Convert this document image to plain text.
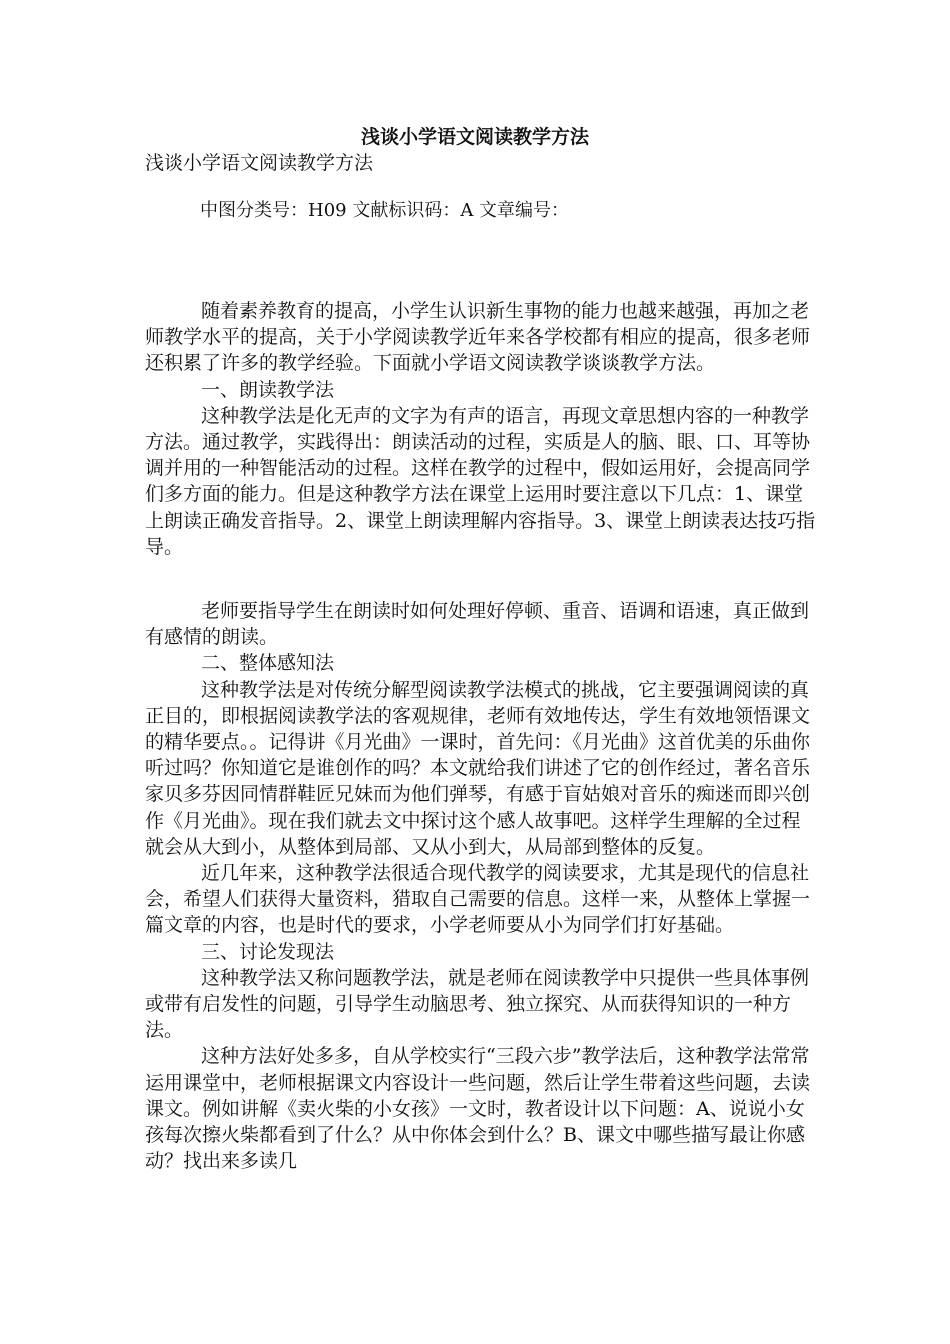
浅谈小学语文阅读教学方法
浅谈小学语文阅读教学方法
中图分类号：H09 文献标识码：A 文章编号：

随着素养教育的提高，小学生认识新生事物的能力也越来越强，再加之老师教学水平的提高，关于小学阅读教学近年来各学校都有相应的提高，很多老师还积累了许多的教学经验。下面就小学语文阅读教学谈谈教学方法。

一、朗读教学法

这种教学法是化无声的文字为有声的语言，再现文章思想内容的一种教学方法。通过教学，实践得出：朗读活动的过程，实质是人的脑、眼、口、耳等协调并用的一种智能活动的过程。这样在教学的过程中，假如运用好，会提高同学们多方面的能力。但是这种教学方法在课堂上运用时要注意以下几点：1、课堂上朗读正确发音指导。2、课堂上朗读理解内容指导。3、课堂上朗读表达技巧指导。

老师要指导学生在朗读时如何处理好停顿、重音、语调和语速，真正做到有感情的朗读。

二、整体感知法

这种教学法是对传统分解型阅读教学法模式的挑战，它主要强调阅读的真正目的，即根据阅读教学法的客观规律，老师有效地传达，学生有效地领悟课文的精华要点。。记得讲《月光曲》一课时，首先问：《月光曲》这首优美的乐曲你听过吗？你知道它是谁创作的吗？本文就给我们讲述了它的创作经过，著名音乐家贝多芬因同情群鞋匠兄妹而为他们弹琴，有感于盲姑娘对音乐的痴迷而即兴创作《月光曲》。现在我们就去文中探讨这个感人故事吧。这样学生理解的全过程就会从大到小，从整体到局部、又从小到大，从局部到整体的反复。

近几年来，这种教学法很适合现代教学的阅读要求，尤其是现代的信息社会，希望人们获得大量资料，猎取自己需要的信息。这样一来，从整体上掌握一篇文章的内容，也是时代的要求，小学老师要从小为同学们打好基础。

三、讨论发现法

这种教学法又称问题教学法，就是老师在阅读教学中只提供一些具体事例或带有启发性的问题，引导学生动脑思考、独立探究、从而获得知识的一种方法。

这种方法好处多多，自从学校实行“三段六步”教学法后，这种教学法常常运用课堂中，老师根据课文内容设计一些问题，然后让学生带着这些问题，去读课文。例如讲解《卖火柴的小女孩》一文时，教者设计以下问题：A、说说小女孩每次擦火柴都看到了什么？从中你体会到什么？B、课文中哪些描写最让你感动？找出来多读几
